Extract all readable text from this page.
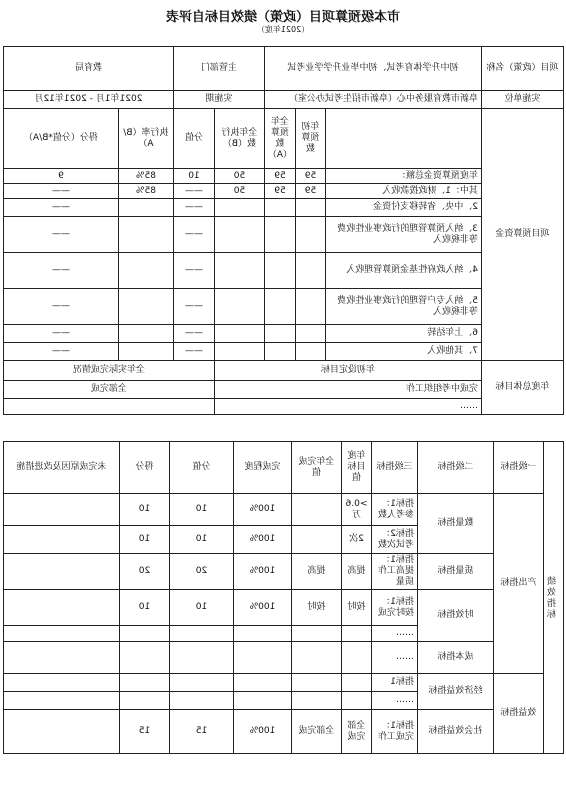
市本级预算项目（政策）绩效目标自评表
（2021年度）
项目（政策）名称	初中升学体育考试、初中毕业升学学业考试			主管部门		教育局	
实施单位	阜新市教育服务中心（阜新市招生考试办公室）			实施期		2021年1月 - 2021年12月	
项目预算资金		年初预算数	全年预算数（A）	全年执行数（B）	分值	执行率（B/A）	得分（分值*B/A）
	年度预算资金总额：	59	59	50	10	85%	9
	其中：1、财政拨款收入	59	59	50	——	85%	——
	2、中央、省转移支付资金				——		——
	3、纳入预算管理的行政事业性收费等非税收入				——		——
	4、纳入政府性基金预算管理收入				——		——
	5、纳入专户管理的行政事业性收费等非税收入				——		——
	6、上年结转				——		——
	7、其他收入				——		——
年度总体目标	年初设定目标				全年实际完成情况		
	完成中考组织工作				全部完成		
	……						
绩效指标	一级指标	二级指标	三级指标	年度目标值	全年完成值	完成程度	分值	得分	未完成原因及改进措施
	产出指标	数量指标	指标1：参考人数	>0.6万		100%	10	10	
			指标2：考试次数	2次		100%	10	10	
		质量指标	指标1：提高工作质量	提高	提高	100%	20	20	
		时效指标	指标1：按时完成	按时	按时	100%	10	10	
			……						
		成本指标	……						
	效益指标	经济效益指标	指标1						
			……						
		社会效益指标	指标1：完成工作	全部完成	全部完成	100%	15	15	
